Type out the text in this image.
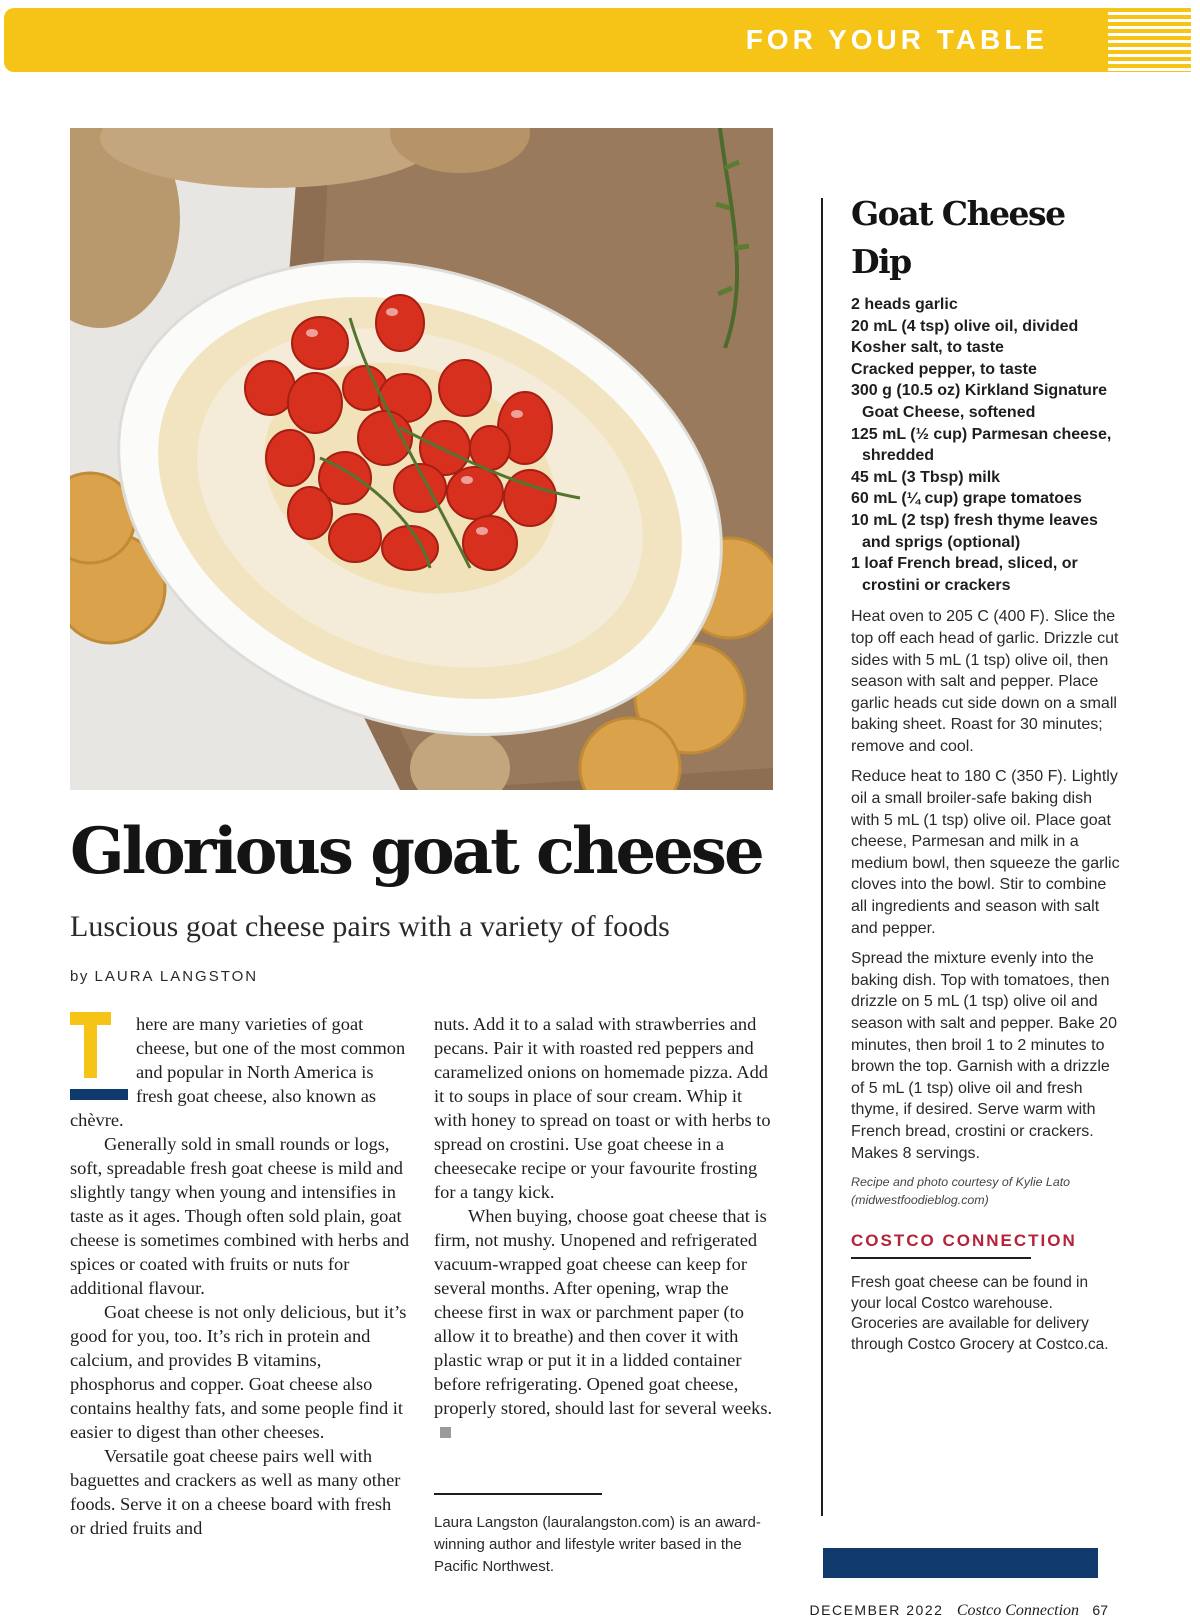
FOR YOUR TABLE
Glorious goat cheese
Luscious goat cheese pairs with a variety of foods
by LAURA LANGSTON

here are many varieties of goat cheese, but one of the most common and popular in North America is fresh goat cheese, also known as chèvre.

Generally sold in small rounds or logs, soft, spreadable fresh goat cheese is mild and slightly tangy when young and intensifies in taste as it ages. Though often sold plain, goat cheese is sometimes combined with herbs and spices or coated with fruits or nuts for additional flavour.

Goat cheese is not only delicious, but it’s good for you, too. It’s rich in protein and calcium, and provides B vitamins, phosphorus and copper. Goat cheese also contains healthy fats, and some people find it easier to digest than other cheeses.

Versatile goat cheese pairs well with baguettes and crackers as well as many other foods. Serve it on a cheese board with fresh or dried fruits and

nuts. Add it to a salad with strawberries and pecans. Pair it with roasted red peppers and caramelized onions on homemade pizza. Add it to soups in place of sour cream. Whip it with honey to spread on toast or with herbs to spread on crostini. Use goat cheese in a cheesecake recipe or your favourite frosting for a tangy kick.

When buying, choose goat cheese that is firm, not mushy. Unopened and refrigerated vacuum-wrapped goat cheese can keep for several months. After opening, wrap the cheese first in wax or parchment paper (to allow it to breathe) and then cover it with plastic wrap or put it in a lidded container before refrigerating. Opened goat cheese, properly stored, should last for several weeks.

Laura Langston (lauralangston.com) is an award-winning author and lifestyle writer based in the Pacific Northwest.
Goat Cheese Dip
2 heads garlic
20 mL (4 tsp) olive oil, divided
Kosher salt, to taste
Cracked pepper, to taste
300 g (10.5 oz) Kirkland Signature Goat Cheese, softened
125 mL (½ cup) Parmesan cheese, shredded
45 mL (3 Tbsp) milk
60 mL (¼ cup) grape tomatoes
10 mL (2 tsp) fresh thyme leaves and sprigs (optional)
1 loaf French bread, sliced, or crostini or crackers

Heat oven to 205 C (400 F). Slice the top off each head of garlic. Drizzle cut sides with 5 mL (1 tsp) olive oil, then season with salt and pepper. Place garlic heads cut side down on a small baking sheet. Roast for 30 minutes; remove and cool.

Reduce heat to 180 C (350 F). Lightly oil a small broiler-safe baking dish with 5 mL (1 tsp) olive oil. Place goat cheese, Parmesan and milk in a medium bowl, then squeeze the garlic cloves into the bowl. Stir to combine all ingredients and season with salt and pepper.

Spread the mixture evenly into the baking dish. Top with tomatoes, then drizzle on 5 mL (1 tsp) olive oil and season with salt and pepper. Bake 20 minutes, then broil 1 to 2 minutes to brown the top. Garnish with a drizzle of 5 mL (1 tsp) olive oil and fresh thyme, if desired. Serve warm with French bread, crostini or crackers. Makes 8 servings.

Recipe and photo courtesy of Kylie Lato (midwestfoodieblog.com)
COSTCO CONNECTION
Fresh goat cheese can be found in your local Costco warehouse. Groceries are available for delivery through Costco Grocery at Costco.ca.
DECEMBER 2022 Costco Connection 67
